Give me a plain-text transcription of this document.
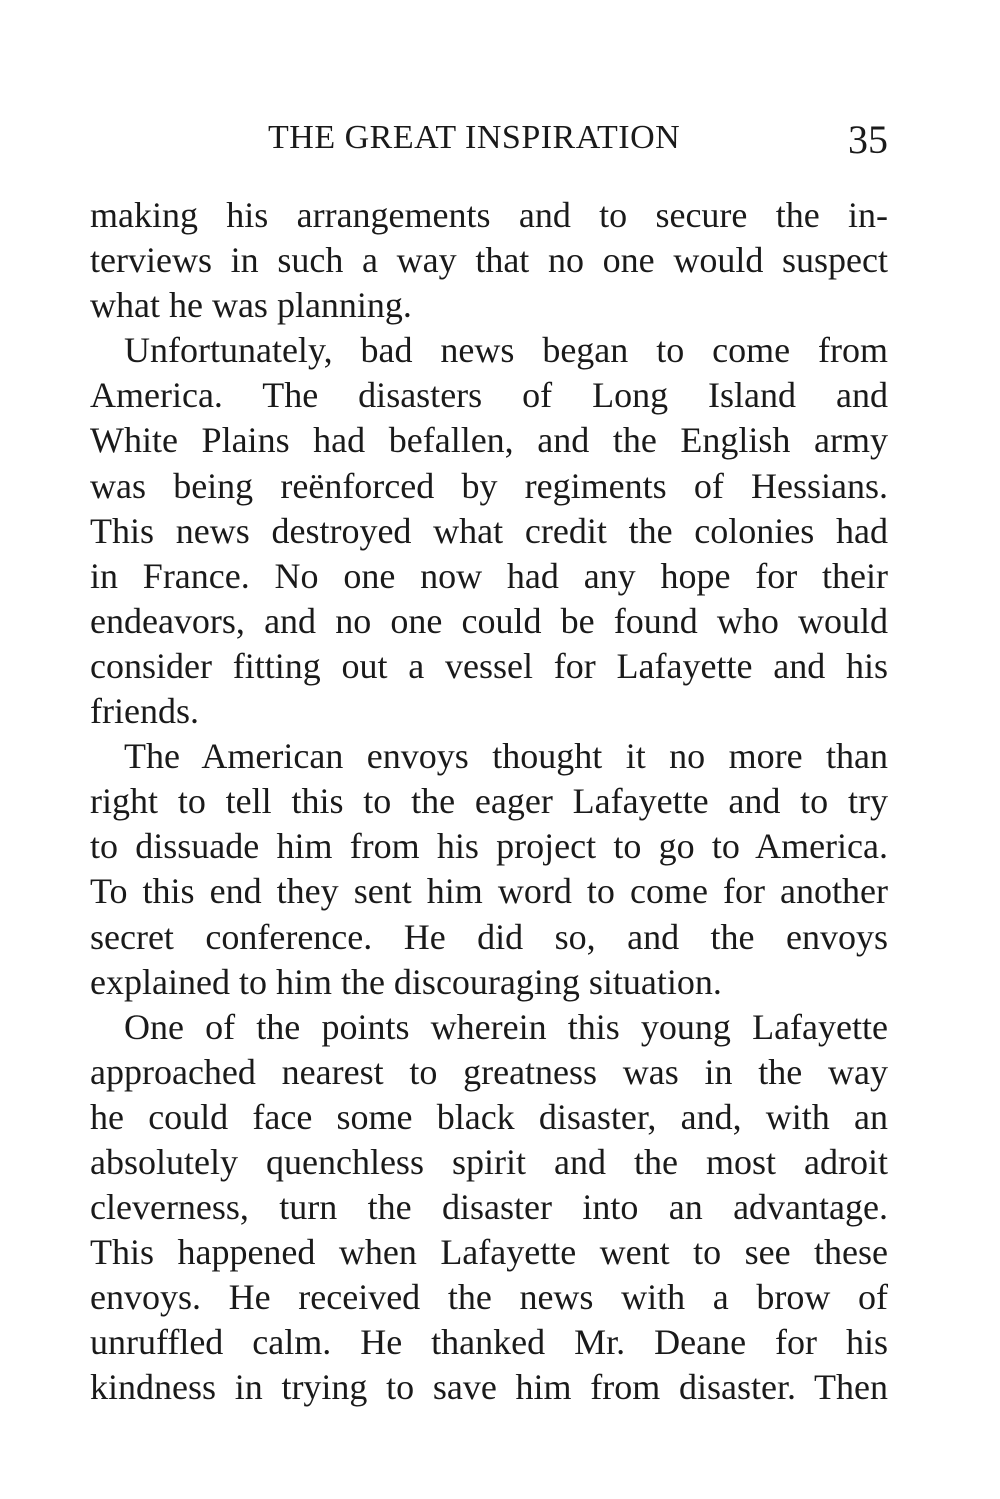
THE GREAT INSPIRATION	35
making his arrangements and to secure the in-
terviews in such a way that no one would suspect
what he was planning.
Unfortunately, bad news began to come from
America. The disasters of Long Island and
White Plains had befallen, and the English army
was being reënforced by regiments of Hessians.
This news destroyed what credit the colonies had
in France. No one now had any hope for their
endeavors, and no one could be found who would
consider fitting out a vessel for Lafayette and his
friends.
The American envoys thought it no more than
right to tell this to the eager Lafayette and to try
to dissuade him from his project to go to America.
To this end they sent him word to come for another
secret conference. He did so, and the envoys
explained to him the discouraging situation.
One of the points wherein this young Lafayette
approached nearest to greatness was in the way
he could face some black disaster, and, with an
absolutely quenchless spirit and the most adroit
cleverness, turn the disaster into an advantage.
This happened when Lafayette went to see these
envoys. He received the news with a brow of
unruffled calm. He thanked Mr. Deane for his
kindness in trying to save him from disaster. Then
